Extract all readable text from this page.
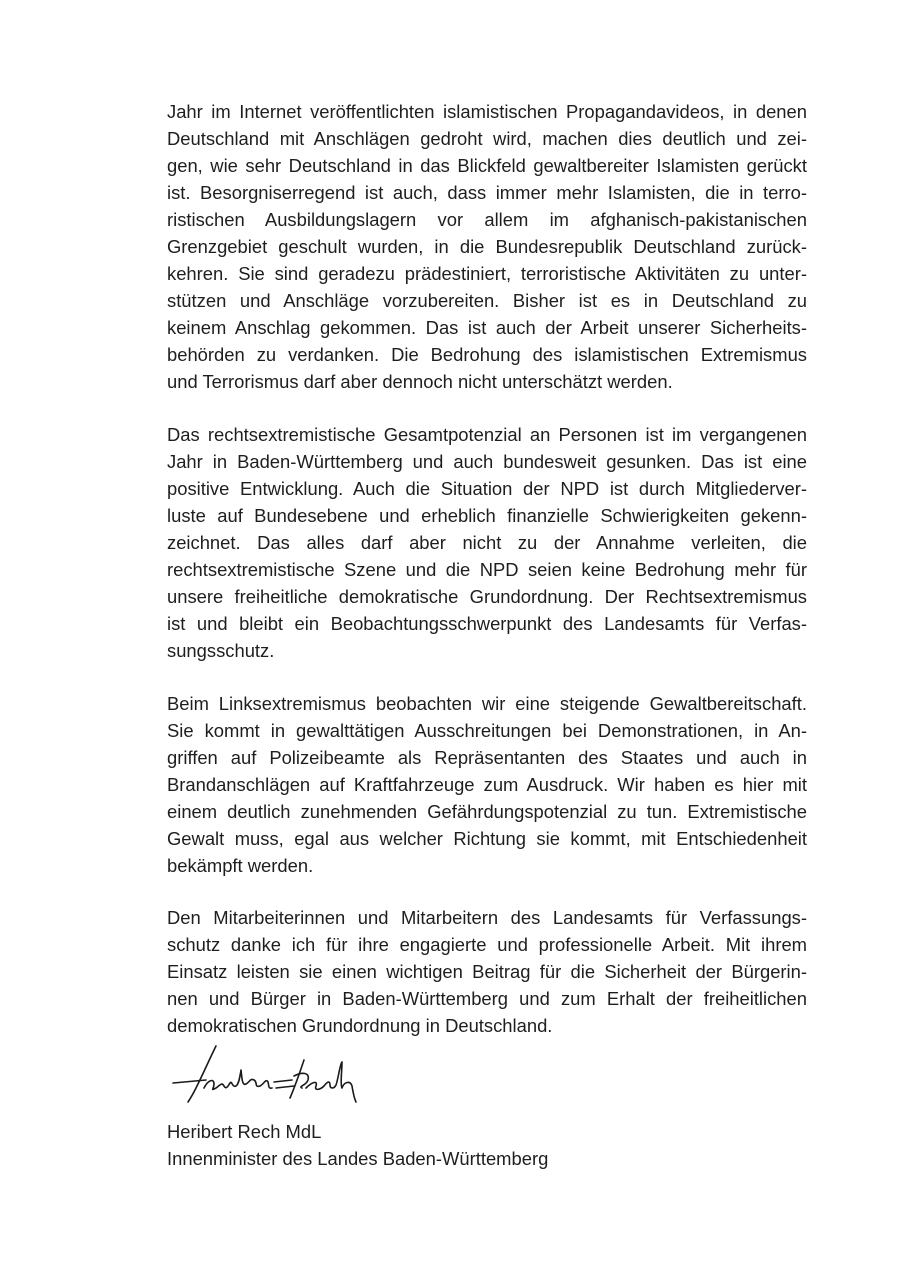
Jahr im Internet veröffentlichten islamistischen Propagandavideos, in denen
Deutschland mit Anschlägen gedroht wird, machen dies deutlich und zei-
gen, wie sehr Deutschland in das Blickfeld gewaltbereiter Islamisten gerückt
ist. Besorgniserregend ist auch, dass immer mehr Islamisten, die in terro-
ristischen Ausbildungslagern vor allem im afghanisch-pakistanischen
Grenzgebiet geschult wurden, in die Bundesrepublik Deutschland zurück-
kehren. Sie sind geradezu prädestiniert, terroristische Aktivitäten zu unter-
stützen und Anschläge vorzubereiten. Bisher ist es in Deutschland zu
keinem Anschlag gekommen. Das ist auch der Arbeit unserer Sicherheits-
behörden zu verdanken. Die Bedrohung des islamistischen Extremismus
und Terrorismus darf aber dennoch nicht unterschätzt werden.
Das rechtsextremistische Gesamtpotenzial an Personen ist im vergangenen
Jahr in Baden-Württemberg und auch bundesweit gesunken. Das ist eine
positive Entwicklung. Auch die Situation der NPD ist durch Mitgliederver-
luste auf Bundesebene und erheblich finanzielle Schwierigkeiten gekenn-
zeichnet. Das alles darf aber nicht zu der Annahme verleiten, die
rechtsextremistische Szene und die NPD seien keine Bedrohung mehr für
unsere freiheitliche demokratische Grundordnung. Der Rechtsextremismus
ist und bleibt ein Beobachtungsschwerpunkt des Landesamts für Verfas-
sungsschutz.
Beim Linksextremismus beobachten wir eine steigende Gewaltbereitschaft.
Sie kommt in gewalttätigen Ausschreitungen bei Demonstrationen, in An-
griffen auf Polizeibeamte als Repräsentanten des Staates und auch in
Brandanschlägen auf Kraftfahrzeuge zum Ausdruck. Wir haben es hier mit
einem deutlich zunehmenden Gefährdungspotenzial zu tun. Extremistische
Gewalt muss, egal aus welcher Richtung sie kommt, mit Entschiedenheit
bekämpft werden.
Den Mitarbeiterinnen und Mitarbeitern des Landesamts für Verfassungs-
schutz danke ich für ihre engagierte und professionelle Arbeit. Mit ihrem
Einsatz leisten sie einen wichtigen Beitrag für die Sicherheit der Bürgerin-
nen und Bürger in Baden-Württemberg und zum Erhalt der freiheitlichen
demokratischen Grundordnung in Deutschland.
Heribert Rech MdL
Innenminister des Landes Baden-Württemberg
